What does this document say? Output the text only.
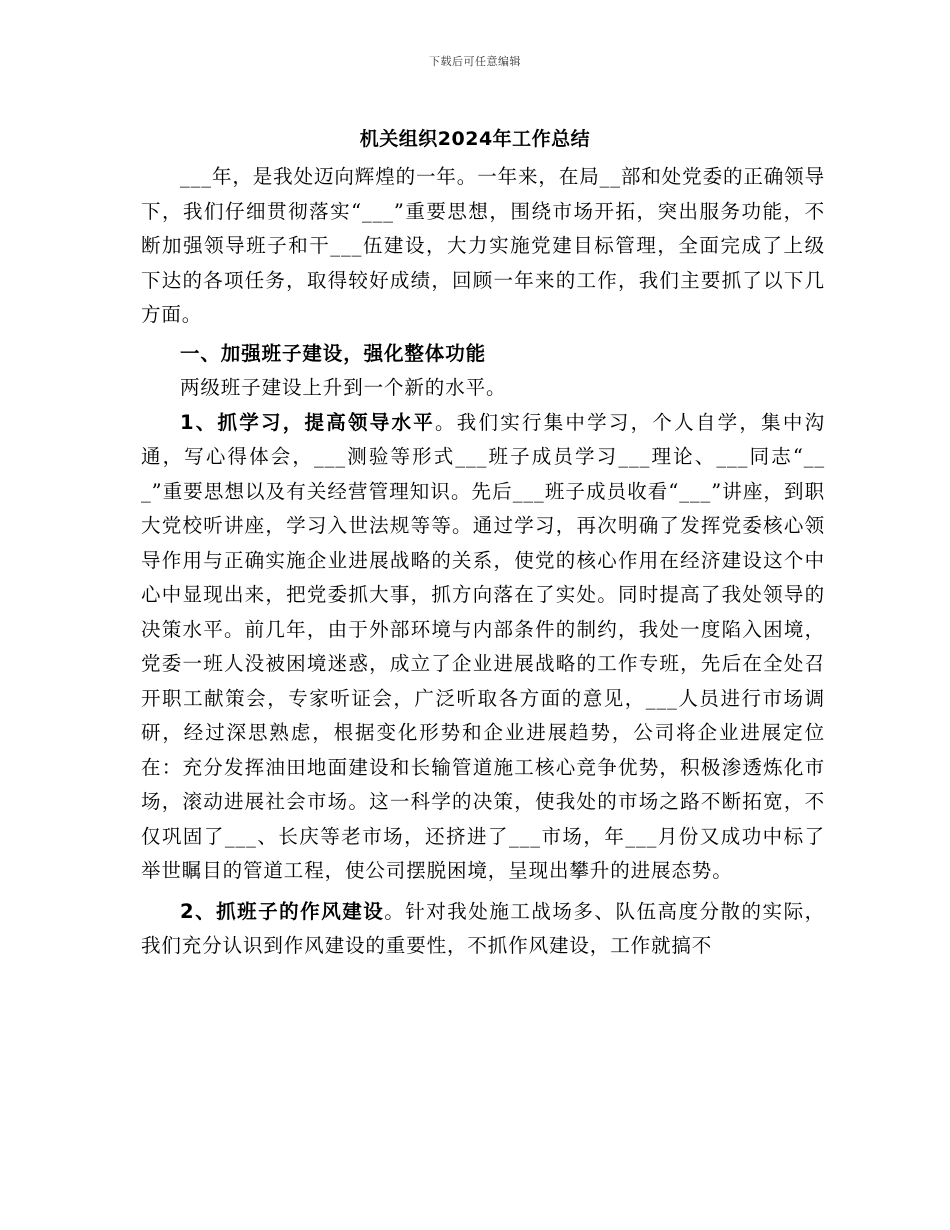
下载后可任意编辑
机关组织2024年工作总结

___年，是我处迈向辉煌的一年。一年来，在局__部和处党委的正确领导下，我们仔细贯彻落实“___”重要思想，围绕市场开拓，突出服务功能，不断加强领导班子和干___伍建设，大力实施党建目标管理，全面完成了上级下达的各项任务，取得较好成绩，回顾一年来的工作，我们主要抓了以下几方面。

一、加强班子建设，强化整体功能

两级班子建设上升到一个新的水平。

1、抓学习，提高领导水平。我们实行集中学习，个人自学，集中沟通，写心得体会，___测验等形式___班子成员学习___理论、___同志“___”重要思想以及有关经营管理知识。先后___班子成员收看“___”讲座，到职大党校听讲座，学习入世法规等等。通过学习，再次明确了发挥党委核心领导作用与正确实施企业进展战略的关系，使党的核心作用在经济建设这个中心中显现出来，把党委抓大事，抓方向落在了实处。同时提高了我处领导的决策水平。前几年，由于外部环境与内部条件的制约，我处一度陷入困境，党委一班人没被困境迷惑，成立了企业进展战略的工作专班，先后在全处召开职工献策会，专家听证会，广泛听取各方面的意见，___人员进行市场调研，经过深思熟虑，根据变化形势和企业进展趋势，公司将企业进展定位在：充分发挥油田地面建设和长输管道施工核心竞争优势，积极渗透炼化市场，滚动进展社会市场。这一科学的决策，使我处的市场之路不断拓宽，不仅巩固了___、长庆等老市场，还挤进了___市场，年___月份又成功中标了举世瞩目的管道工程，使公司摆脱困境，呈现出攀升的进展态势。

2、抓班子的作风建设。针对我处施工战场多、队伍高度分散的实际，我们充分认识到作风建设的重要性，不抓作风建设，工作就搞不
